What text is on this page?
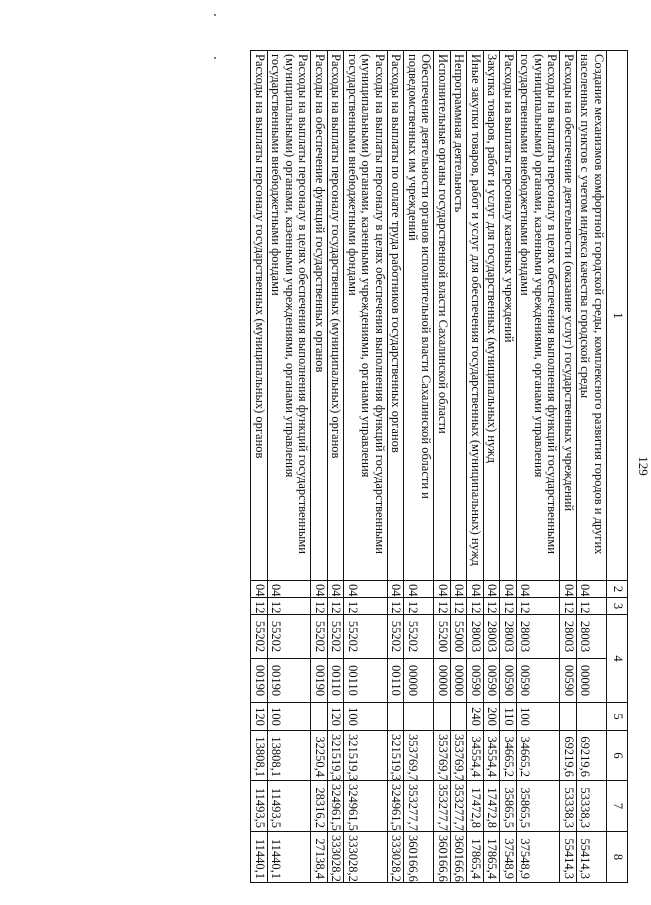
129
1	2	3	4		5	6	7	8
Создание механизмов комфортной городской среды, комплексного развития городов и других населенных пунктов с учетом индекса качества городской среды	04	12	28003	00000		69219,6	53338,3	55414,3
Расходы на обеспечение деятельности (оказание услуг) государственных учреждений	04	12	28003	00590		69219,6	53338,3	55414,3
Расходы на выплаты персоналу в целях обеспечения выполнения функций государственными (муниципальными) органами, казенными учреждениями, органами управления государственными внебюджетными фондами	04	12	28003	00590	100	34665,2	35865,5	37548,9
Расходы на выплаты персоналу казенных учреждений	04	12	28003	00590	110	34665,2	35865,5	37548,9
Закупка товаров, работ и услуг для государственных (муниципальных) нужд	04	12	28003	00590	200	34554,4	17472,8	17865,4
Иные закупки товаров, работ и услуг для обеспечения государственных (муниципальных) нужд	04	12	28003	00590	240	34554,4	17472,8	17865,4
Непрограммная деятельность	04	12	55000	00000		353769,7	353277,7	360166,6
Исполнительные органы государственной власти Сахалинской области	04	12	55200	00000		353769,7	353277,7	360166,6
Обеспечение деятельности органов исполнительной власти Сахалинской области и подведомственных им учреждений	04	12	55202	00000		353769,7	353277,7	360166,6
Расходы на выплаты по оплате труда работников государственных органов	04	12	55202	00110		321519,3	324961,5	333028,2
Расходы на выплаты персоналу в целях обеспечения выполнения функций государственными (муниципальными) органами, казенными учреждениями, органами управления государственными внебюджетными фондами	04	12	55202	00110	100	321519,3	324961,5	333028,2
Расходы на выплаты персоналу государственных (муниципальных) органов	04	12	55202	00110	120	321519,3	324961,5	333028,2
Расходы на обеспечение функций государственных органов	04	12	55202	00190		32250,4	28316,2	27138,4
Расходы на выплаты персоналу в целях обеспечения выполнения функций государственными (муниципальными) органами, казенными учреждениями, органами управления государственными внебюджетными фондами	04	12	55202	00190	100	13808,1	11493,5	11440,1
Расходы на выплаты персоналу государственных (муниципальных) органов	04	12	55202	00190	120	13808,1	11493,5	11440,1
